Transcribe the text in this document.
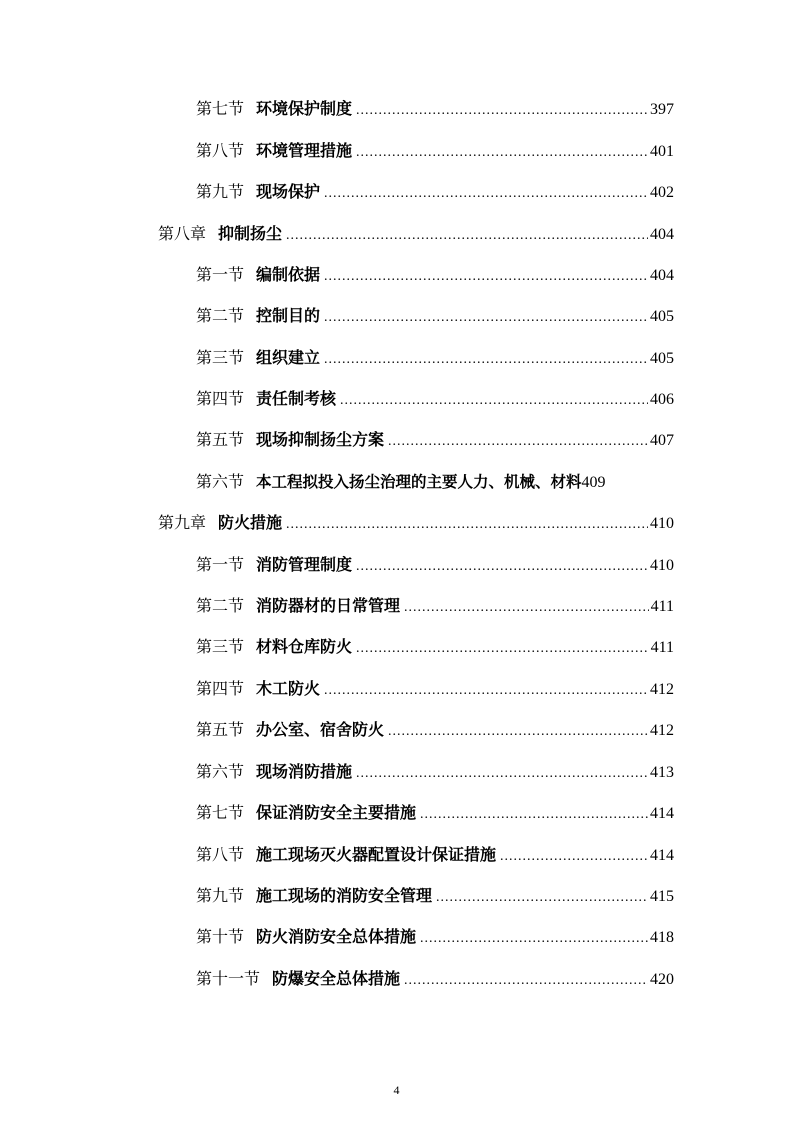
第七节 环境保护制度 .....	397
第八节 环境管理措施 .....	401
第九节 现场保护 .....	402
第八章 抑制扬尘 .....	404
第一节 编制依据 .....	404
第二节 控制目的 .....	405
第三节 组织建立 .....	405
第四节 责任制考核 .....	406
第五节 现场抑制扬尘方案 .....	407
第六节 本工程拟投入扬尘治理的主要人力、机械、材料 409
第九章 防火措施 .....	410
第一节 消防管理制度 .....	410
第二节 消防器材的日常管理 .....	411
第三节 材料仓库防火 .....	411
第四节 木工防火 .....	412
第五节 办公室、宿舍防火 .....	412
第六节 现场消防措施 .....	413
第七节 保证消防安全主要措施 .....	414
第八节 施工现场灭火器配置设计保证措施 .....	414
第九节 施工现场的消防安全管理 .....	415
第十节 防火消防安全总体措施 .....	418
第十一节 防爆安全总体措施 .....	420
4
